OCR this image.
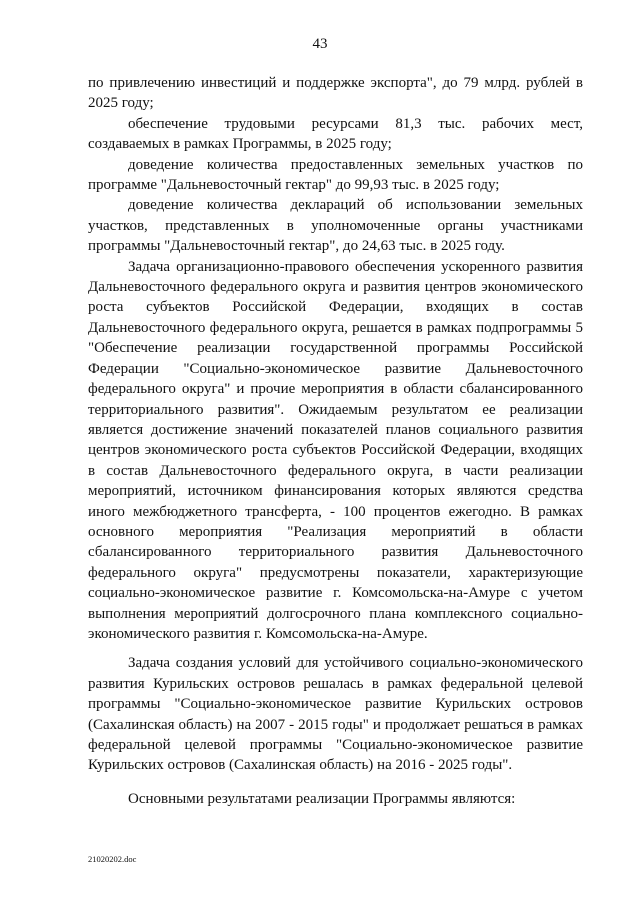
43

по привлечению инвестиций и поддержке экспорта", до 79 млрд. рублей в 2025 году;

обеспечение трудовыми ресурсами 81,3 тыс. рабочих мест, создаваемых в рамках Программы, в 2025 году;

доведение количества предоставленных земельных участков по программе "Дальневосточный гектар" до 99,93 тыс. в 2025 году;

доведение количества деклараций об использовании земельных участков, представленных в уполномоченные органы участниками программы "Дальневосточный гектар", до 24,63 тыс. в 2025 году.

Задача организационно-правового обеспечения ускоренного развития Дальневосточного федерального округа и развития центров экономического роста субъектов Российской Федерации, входящих в состав Дальневосточного федерального округа, решается в рамках подпрограммы 5 "Обеспечение реализации государственной программы Российской Федерации "Социально-экономическое развитие Дальневосточного федерального округа" и прочие мероприятия в области сбалансированного территориального развития". Ожидаемым результатом ее реализации является достижение значений показателей планов социального развития центров экономического роста субъектов Российской Федерации, входящих в состав Дальневосточного федерального округа, в части реализации мероприятий, источником финансирования которых являются средства иного межбюджетного трансферта, - 100 процентов ежегодно. В рамках основного мероприятия "Реализация мероприятий в области сбалансированного территориального развития Дальневосточного федерального округа" предусмотрены показатели, характеризующие социально-экономическое развитие г. Комсомольска-на-Амуре с учетом выполнения мероприятий долгосрочного плана комплексного социально-экономического развития г. Комсомольска-на-Амуре.

Задача создания условий для устойчивого социально-экономического развития Курильских островов решалась в рамках федеральной целевой программы "Социально-экономическое развитие Курильских островов (Сахалинская область) на 2007 - 2015 годы" и продолжает решаться в рамках федеральной целевой программы "Социально-экономическое развитие Курильских островов (Сахалинская область) на 2016 - 2025 годы".

Основными результатами реализации Программы являются:

21020202.doc
